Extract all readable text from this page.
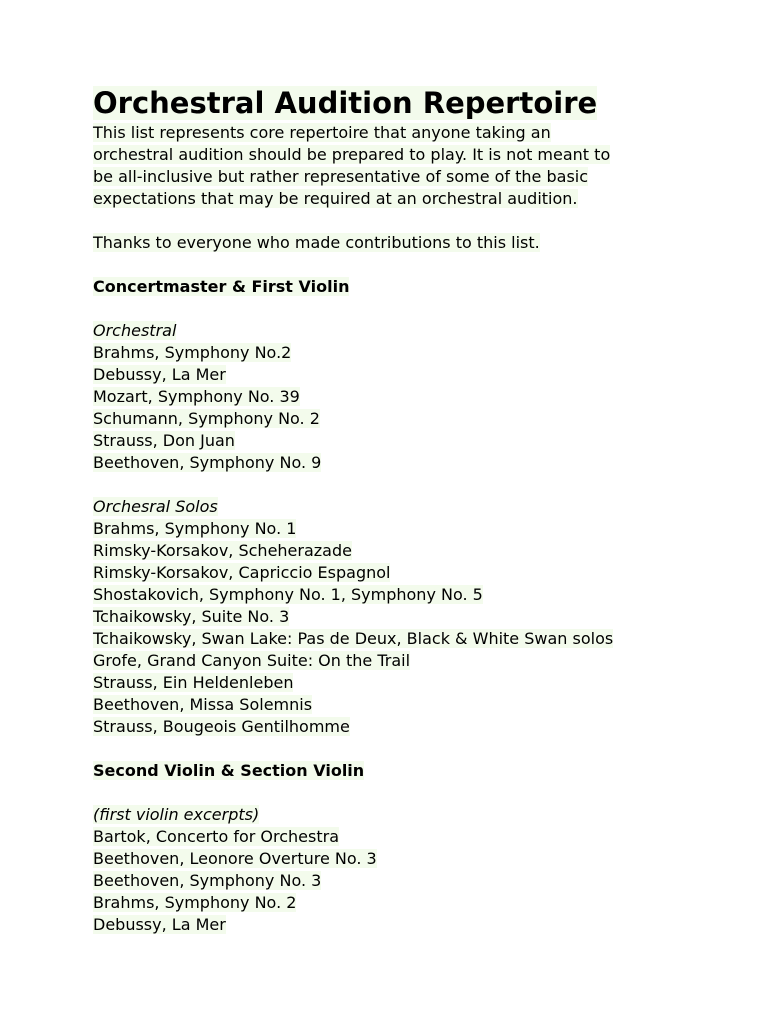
Orchestral Audition Repertoire
This list represents core repertoire that anyone taking an
orchestral audition should be prepared to play. It is not meant to
be all-inclusive but rather representative of some of the basic
expectations that may be required at an orchestral audition.
Thanks to everyone who made contributions to this list.
Concertmaster & First Violin
Orchestral
Brahms, Symphony No.2
Debussy, La Mer
Mozart, Symphony No. 39
Schumann, Symphony No. 2
Strauss, Don Juan
Beethoven, Symphony No. 9
Orchesral Solos
Brahms, Symphony No. 1
Rimsky-Korsakov, Scheherazade
Rimsky-Korsakov, Capriccio Espagnol
Shostakovich, Symphony No. 1, Symphony No. 5
Tchaikowsky, Suite No. 3
Tchaikowsky, Swan Lake: Pas de Deux, Black & White Swan solos
Grofe, Grand Canyon Suite: On the Trail
Strauss, Ein Heldenleben
Beethoven, Missa Solemnis
Strauss, Bougeois Gentilhomme
Second Violin & Section Violin
(first violin excerpts)
Bartok, Concerto for Orchestra
Beethoven, Leonore Overture No. 3
Beethoven, Symphony No. 3
Brahms, Symphony No. 2
Debussy, La Mer
